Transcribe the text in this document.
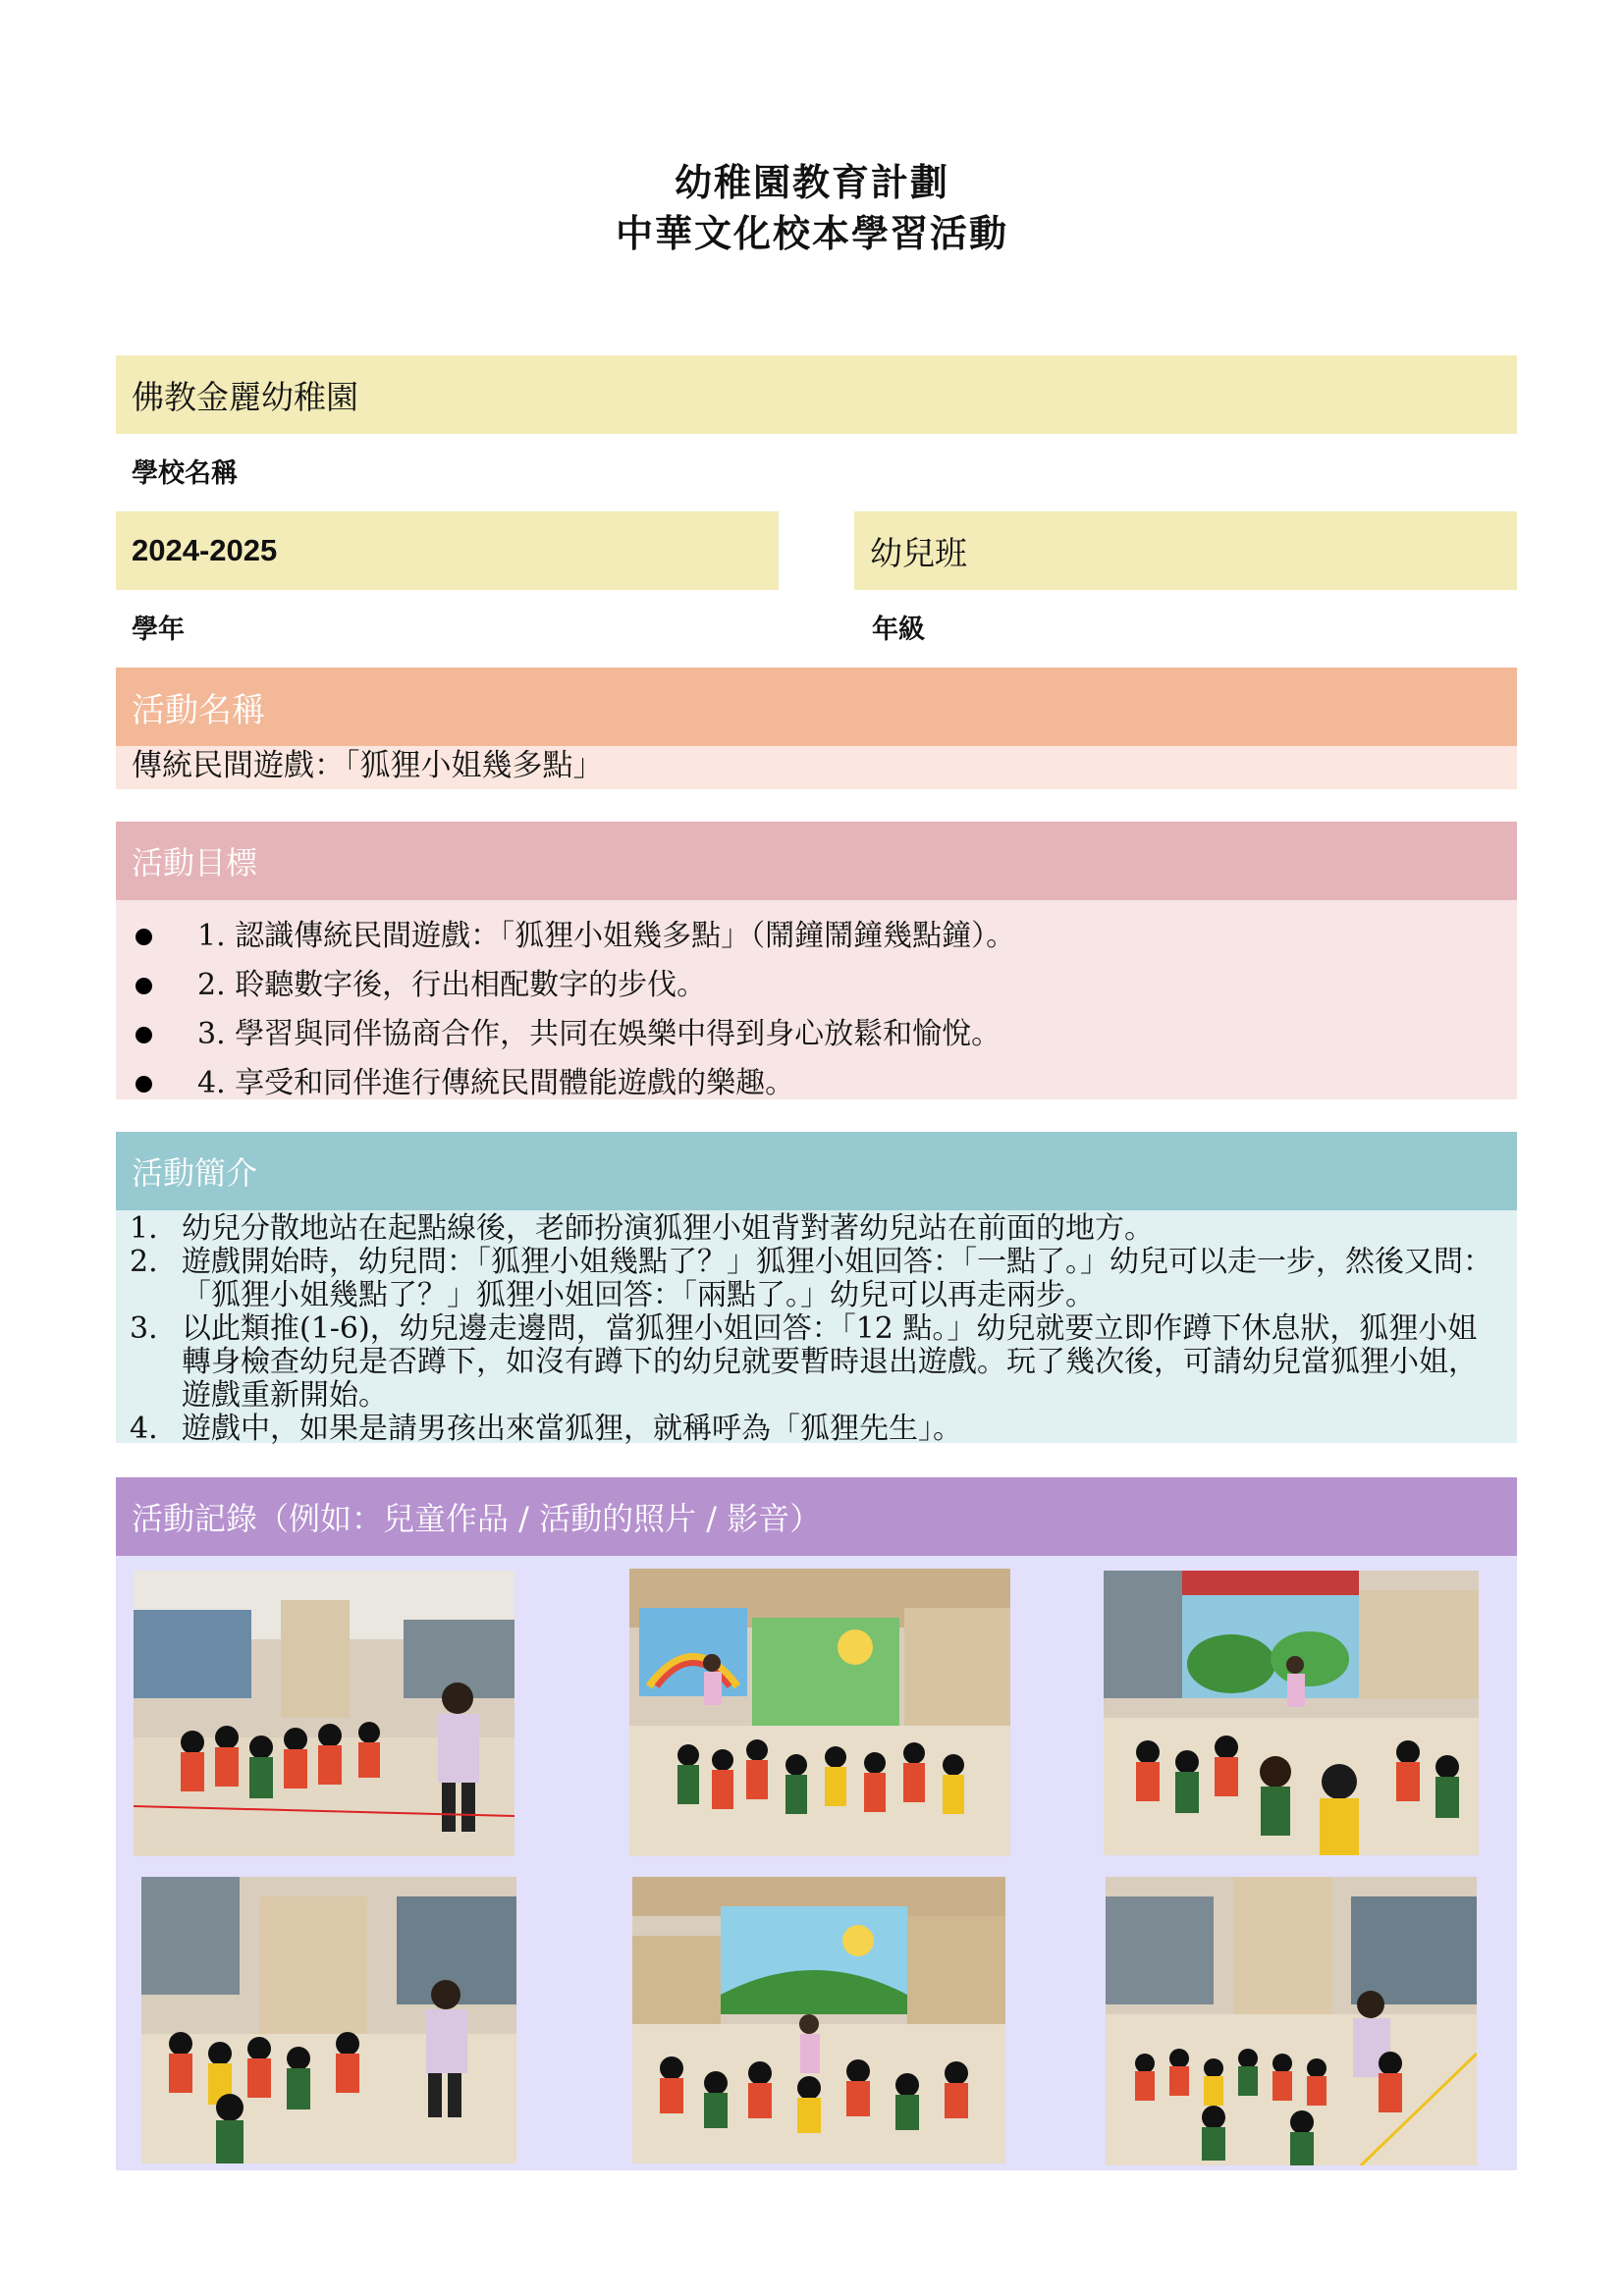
幼稚園教育計劃
中華文化校本學習活動
佛教金麗幼稚園
學校名稱
2024-2025
學年
幼兒班
年級
活動名稱
傳統民間遊戲：「狐狸小姐幾多點」
活動目標
1. 認識傳統民間遊戲：「狐狸小姐幾多點」（鬧鐘鬧鐘幾點鐘）。
2. 聆聽數字後，行出相配數字的步伐。
3. 學習與同伴協商合作，共同在娛樂中得到身心放鬆和愉悅。
4. 享受和同伴進行傳統民間體能遊戲的樂趣。
活動簡介
1. 幼兒分散地站在起點線後，老師扮演狐狸小姐背對著幼兒站在前面的地方。
2. 遊戲開始時，幼兒問：「狐狸小姐幾點了？」狐狸小姐回答：「一點了。」幼兒可以走一步，然後又問：「狐狸小姐幾點了？」狐狸小姐回答：「兩點了。」幼兒可以再走兩步。
3. 以此類推(1-6)，幼兒邊走邊問，當狐狸小姐回答：「12 點。」幼兒就要立即作蹲下休息狀，狐狸小姐轉身檢查幼兒是否蹲下，如沒有蹲下的幼兒就要暫時退出遊戲。玩了幾次後，可請幼兒當狐狸小姐，遊戲重新開始。
4. 遊戲中，如果是請男孩出來當狐狸，就稱呼為「狐狸先生」。
活動記錄（例如：兒童作品 / 活動的照片 / 影音）
